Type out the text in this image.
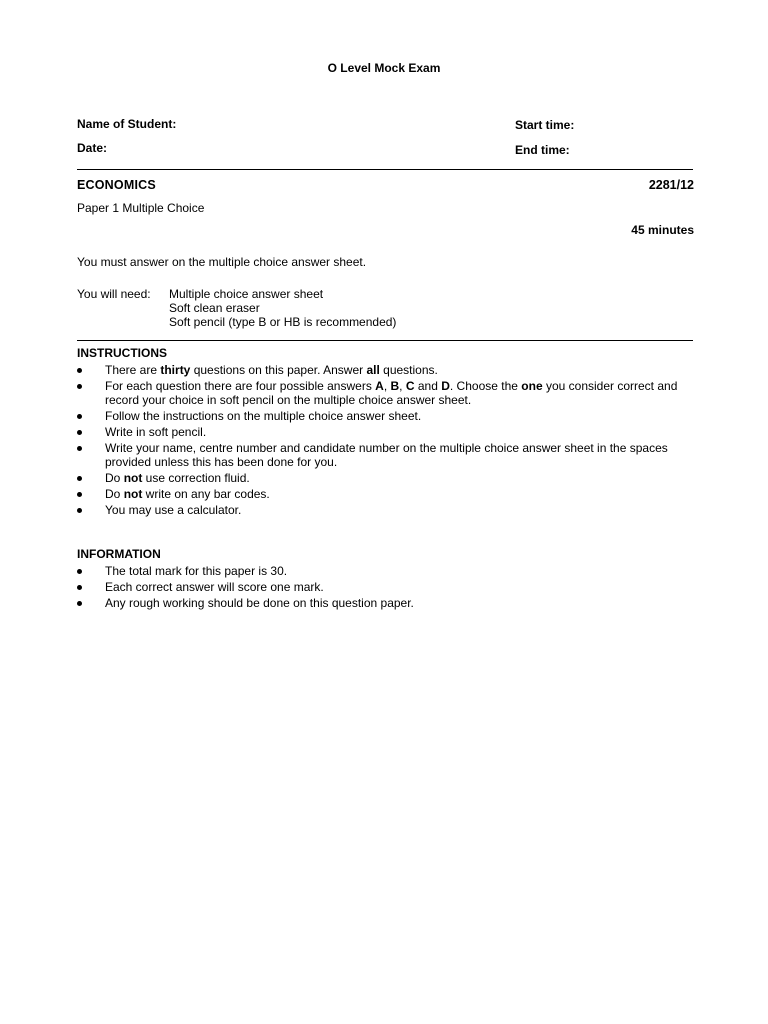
O Level Mock Exam
Name of Student:
Date:
Start time:
End time:
ECONOMICS	2281/12
Paper 1 Multiple Choice
45 minutes
You must answer on the multiple choice answer sheet.
You will need: Multiple choice answer sheet
Soft clean eraser
Soft pencil (type B or HB is recommended)
INSTRUCTIONS
There are thirty questions on this paper. Answer all questions.
For each question there are four possible answers A, B, C and D. Choose the one you consider correct and record your choice in soft pencil on the multiple choice answer sheet.
Follow the instructions on the multiple choice answer sheet.
Write in soft pencil.
Write your name, centre number and candidate number on the multiple choice answer sheet in the spaces provided unless this has been done for you.
Do not use correction fluid.
Do not write on any bar codes.
You may use a calculator.
INFORMATION
The total mark for this paper is 30.
Each correct answer will score one mark.
Any rough working should be done on this question paper.
